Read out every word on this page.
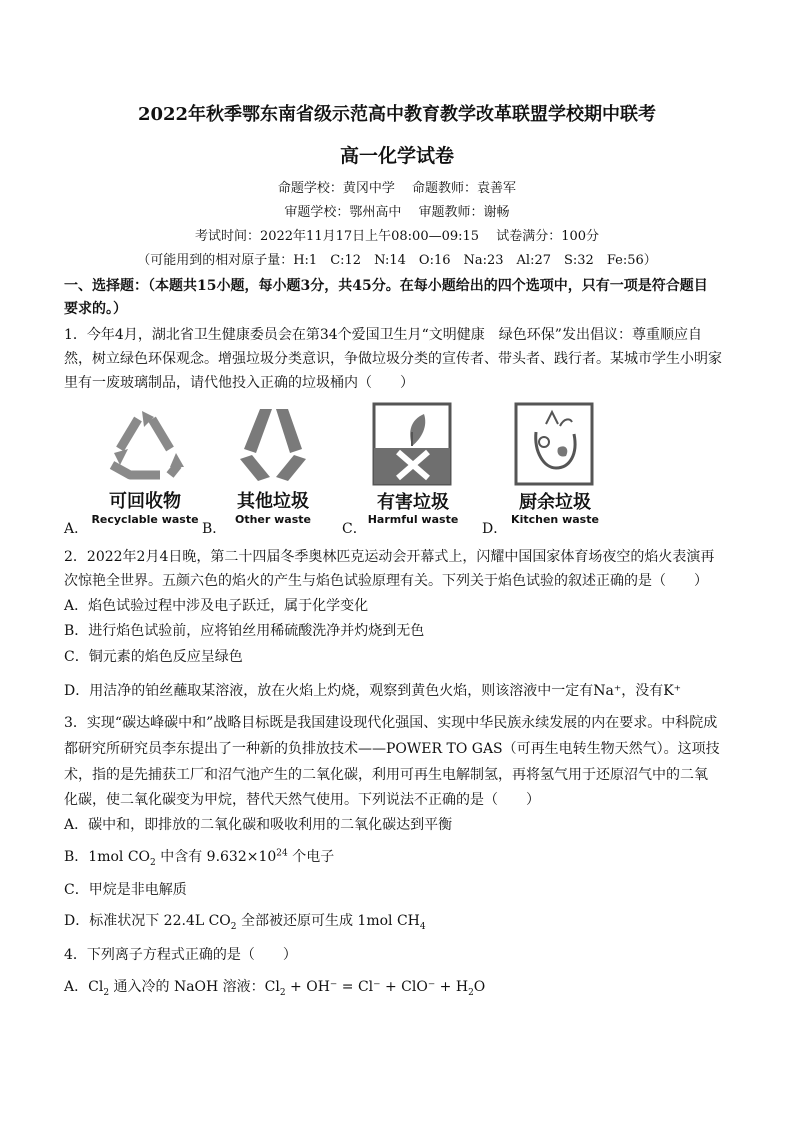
2022年秋季鄂东南省级示范高中教育教学改革联盟学校期中联考
高一化学试卷
命题学校：黄冈中学　 命题教师：袁善军
审题学校：鄂州高中　 审题教师：谢畅
考试时间：2022年11月17日上午08:00—09:15　 试卷满分：100分
（可能用到的相对原子量：H:1　C:12　N:14　O:16　Na:23　Al:27　S:32　Fe:56）
一、选择题：（本题共15小题，每小题3分，共45分。在每小题给出的四个选项中，只有一项是符合题目
要求的。）
1．今年4月，湖北省卫生健康委员会在第34个爱国卫生月“文明健康　绿色环保”发出倡议：尊重顺应自
然，树立绿色环保观念。增强垃圾分类意识，争做垃圾分类的宣传者、带头者、践行者。某城市学生小明家
里有一废玻璃制品，请代他投入正确的垃圾桶内（　　）
A．
可回收物
Recyclable waste
B．
其他垃圾
Other waste
C．
有害垃圾
Harmful waste
D．
厨余垃圾
Kitchen waste
2．2022年2月4日晚，第二十四届冬季奥林匹克运动会开幕式上，闪耀中国国家体育场夜空的焰火表演再
次惊艳全世界。五颜六色的焰火的产生与焰色试验原理有关。下列关于焰色试验的叙述正确的是（　　）
A．焰色试验过程中涉及电子跃迁，属于化学变化
B．进行焰色试验前，应将铂丝用稀硫酸洗净并灼烧到无色
C．铜元素的焰色反应呈绿色
D．用洁净的铂丝蘸取某溶液，放在火焰上灼烧，观察到黄色火焰，则该溶液中一定有Na⁺，没有K⁺
3．实现“碳达峰碳中和”战略目标既是我国建设现代化强国、实现中华民族永续发展的内在要求。中科院成
都研究所研究员李东提出了一种新的负排放技术——POWER TO GAS（可再生电转生物天然气）。这项技
术，指的是先捕获工厂和沼气池产生的二氧化碳，利用可再生电解制氢，再将氢气用于还原沼气中的二氧
化碳，使二氧化碳变为甲烷，替代天然气使用。下列说法不正确的是（　　）
A．碳中和，即排放的二氧化碳和吸收利用的二氧化碳达到平衡
B．1mol $CO_2$ 中含有 $9.632\times 10^{24}$ 个电子
C．甲烷是非电解质
D．标准状况下 22.4L $CO_2$ 全部被还原可生成 1mol $CH_4$
4．下列离子方程式正确的是（　　）
A．$Cl_2$ 通入冷的 NaOH 溶液：$Cl_2 + OH^- = Cl^- + ClO^- + H_2O$
